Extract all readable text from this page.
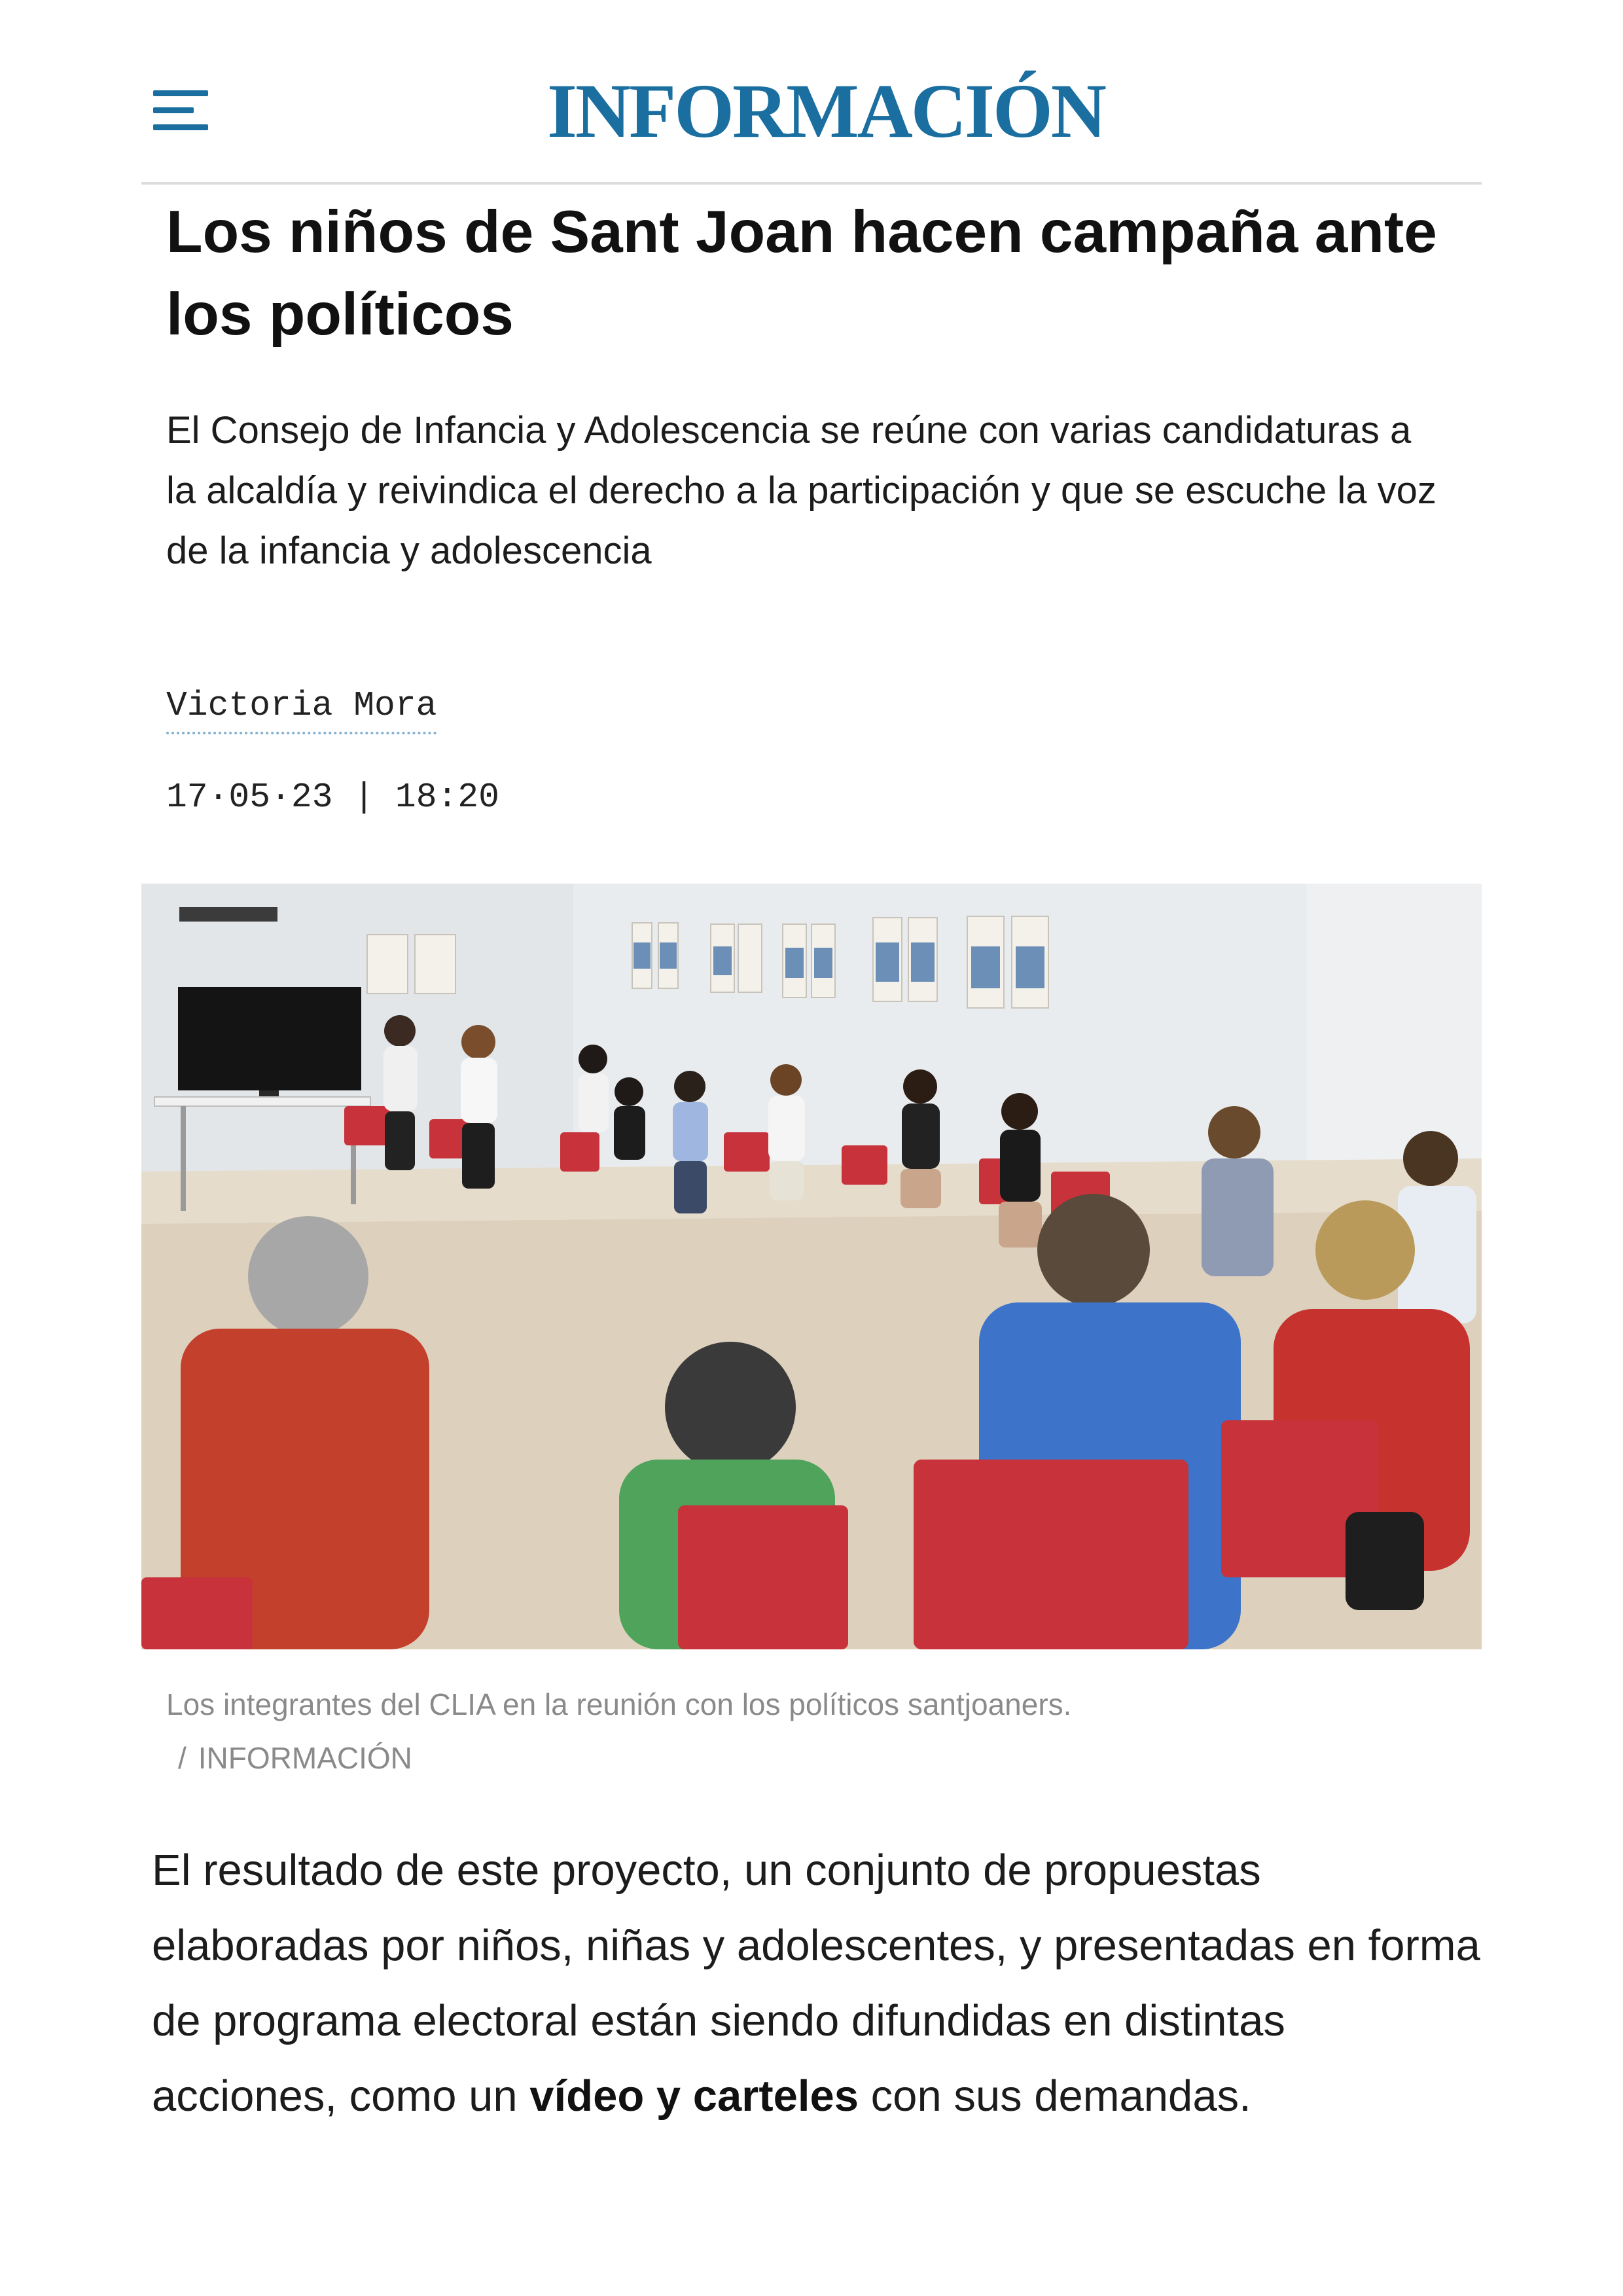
INFORMACIÓN
Los niños de Sant Joan hacen campaña ante los políticos

El Consejo de Infancia y Adolescencia se reúne con varias candidaturas a la alcaldía y reivindica el derecho a la participación y que se escuche la voz de la infancia y adolescencia

Victoria Mora
17·05·23 | 18:20
Los integrantes del CLIA en la reunión con los políticos santjoaners.
/ INFORMACIÓN

El resultado de este proyecto, un conjunto de propuestas elaboradas por niños, niñas y adolescentes, y presentadas en forma de programa electoral están siendo difundidas en distintas acciones, como un vídeo y carteles con sus demandas.
